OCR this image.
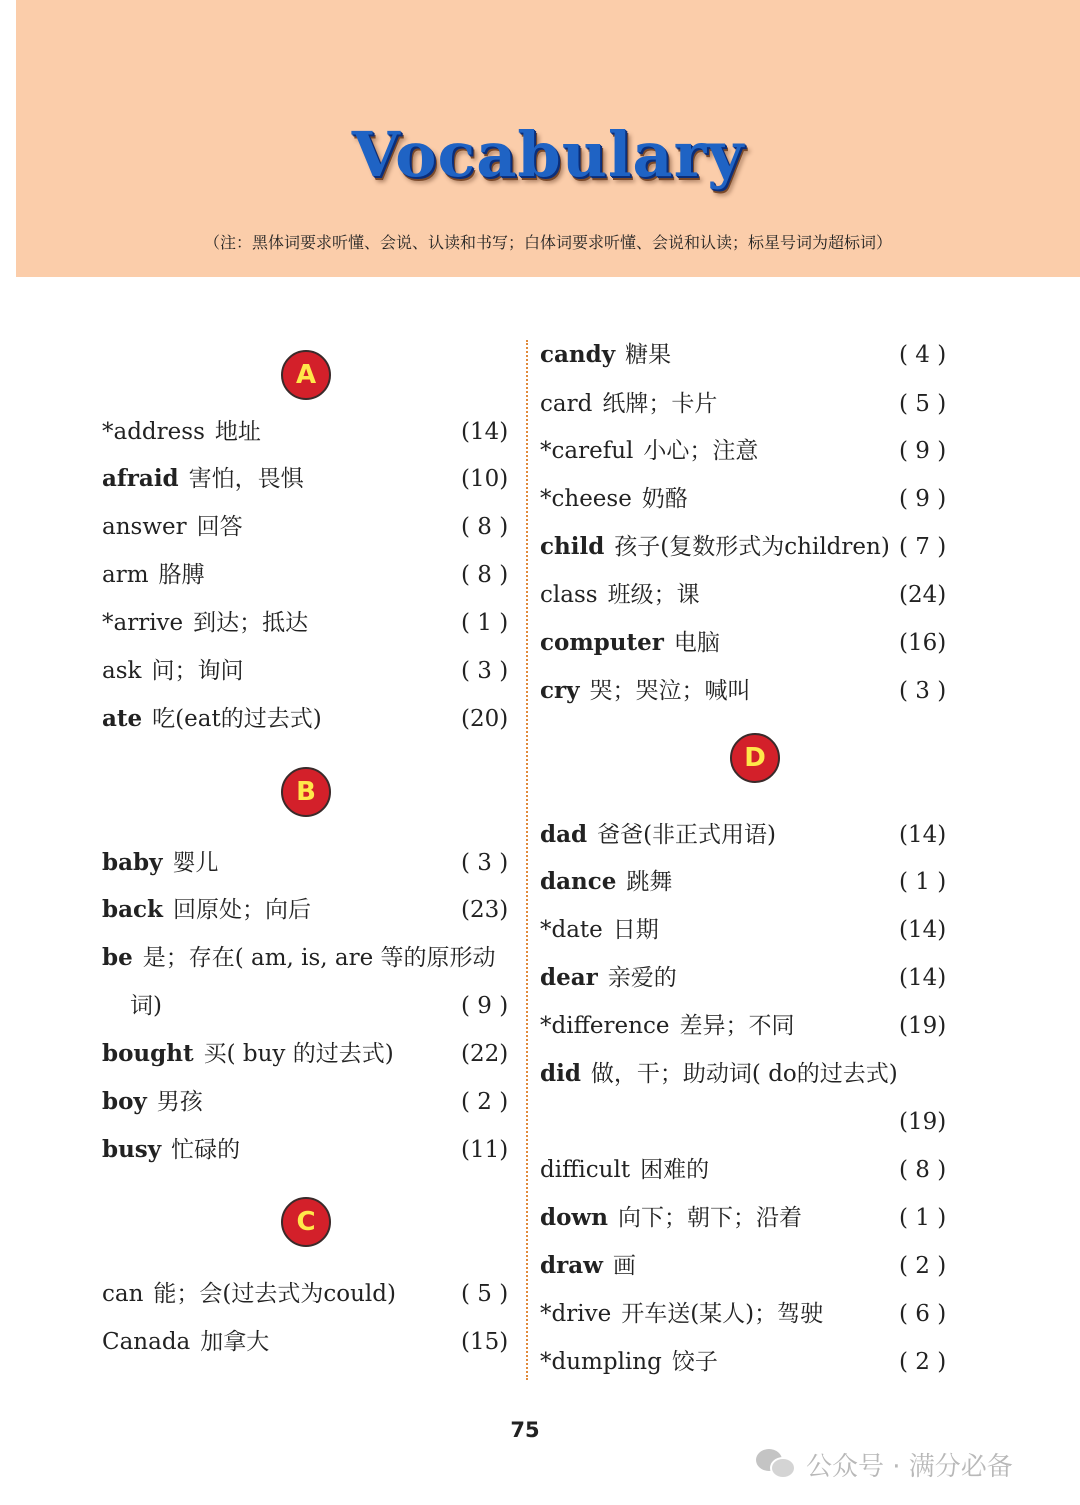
Vocabulary
（注：黑体词要求听懂、会说、认读和书写；白体词要求听懂、会说和认读；标星号词为超标词）
A
B
C
D
*address 地址	(14)
afraid 害怕，畏惧	(10)
answer 回答	( 8 )
arm 胳膊	( 8 )
*arrive 到达；抵达	( 1 )
ask 问；询问	( 3 )
ate 吃(eat的过去式)	(20)
baby 婴儿	( 3 )
back 回原处；向后	(23)
be 是；存在( am, is, are 等的原形动
词)	( 9 )
bought 买( buy 的过去式)	(22)
boy 男孩	( 2 )
busy 忙碌的	(11)
can 能；会(过去式为could)	( 5 )
Canada 加拿大	(15)
candy 糖果	( 4 )
card 纸牌；卡片	( 5 )
*careful 小心；注意	( 9 )
*cheese 奶酪	( 9 )
child 孩子(复数形式为children) ( 7 )
class 班级；课	(24)
computer 电脑	(16)
cry 哭；哭泣；喊叫	( 3 )
dad 爸爸(非正式用语)	(14)
dance 跳舞	( 1 )
*date 日期	(14)
dear 亲爱的	(14)
*difference 差异；不同	(19)
did 做，干；助动词( do的过去式)
(19)
difficult 困难的	( 8 )
down 向下；朝下；沿着	( 1 )
draw 画	( 2 )
*drive 开车送(某人)；驾驶	( 6 )
*dumpling 饺子	( 2 )
75
公众号 · 满分必备
